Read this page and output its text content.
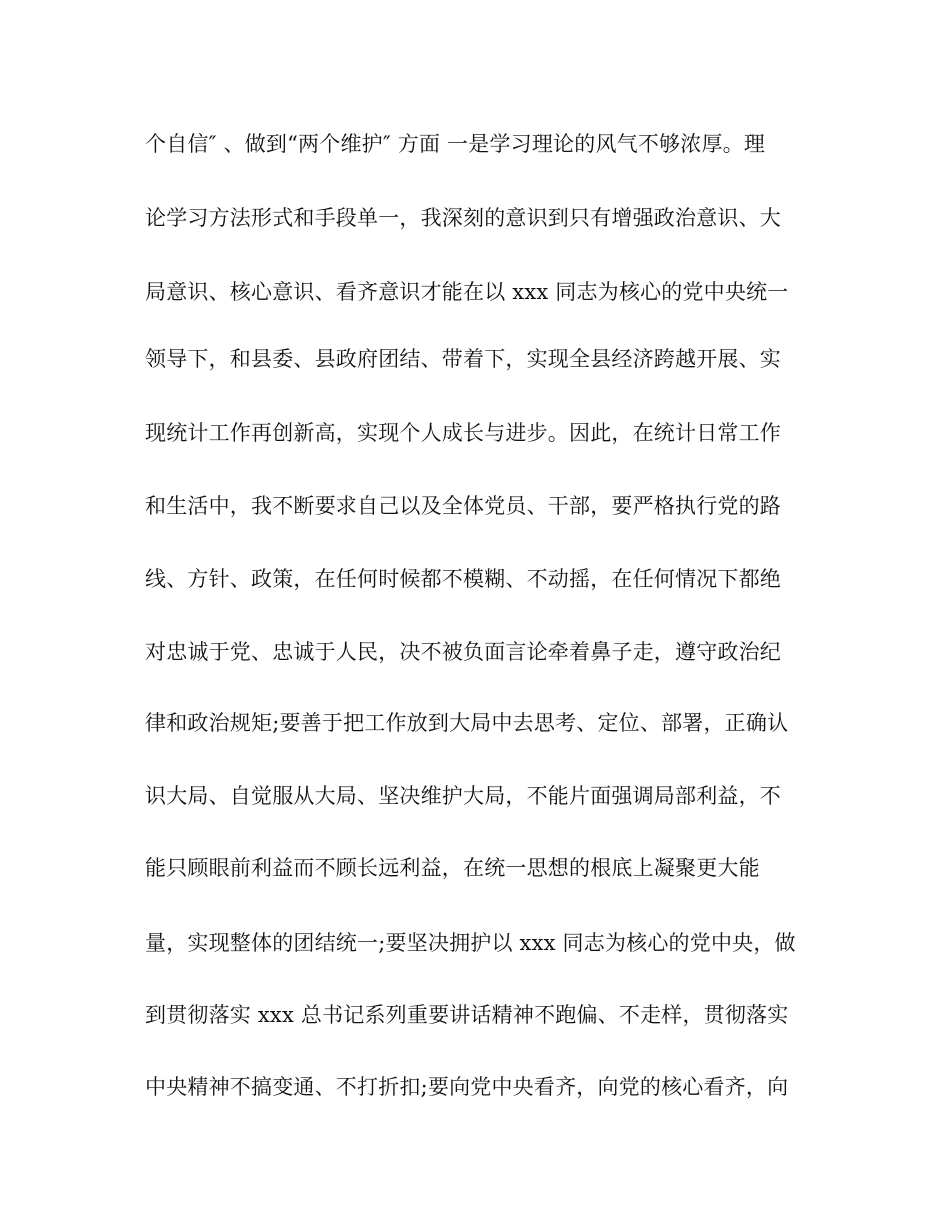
个自信″ 、做到“两个维护″ 方面 一是学习理论的风气不够浓厚。理

论学习方法形式和手段单一，我深刻的意识到只有增强政治意识、大

局意识、核心意识、看齐意识才能在以 xxx 同志为核心的党中央统一

领导下，和县委、县政府团结、带着下，实现全县经济跨越开展、实

现统计工作再创新高，实现个人成长与进步。因此，在统计日常工作

和生活中，我不断要求自己以及全体党员、干部，要严格执行党的路

线、方针、政策，在任何时候都不模糊、不动摇，在任何情况下都绝

对忠诚于党、忠诚于人民，决不被负面言论牵着鼻子走，遵守政治纪

律和政治规矩;要善于把工作放到大局中去思考、定位、部署，正确认

识大局、自觉服从大局、坚决维护大局，不能片面强调局部利益，不

能只顾眼前利益而不顾长远利益，在统一思想的根底上凝聚更大能

量，实现整体的团结统一;要坚决拥护以 xxx 同志为核心的党中央，做

到贯彻落实 xxx 总书记系列重要讲话精神不跑偏、不走样，贯彻落实

中央精神不搞变通、不打折扣;要向党中央看齐，向党的核心看齐，向
